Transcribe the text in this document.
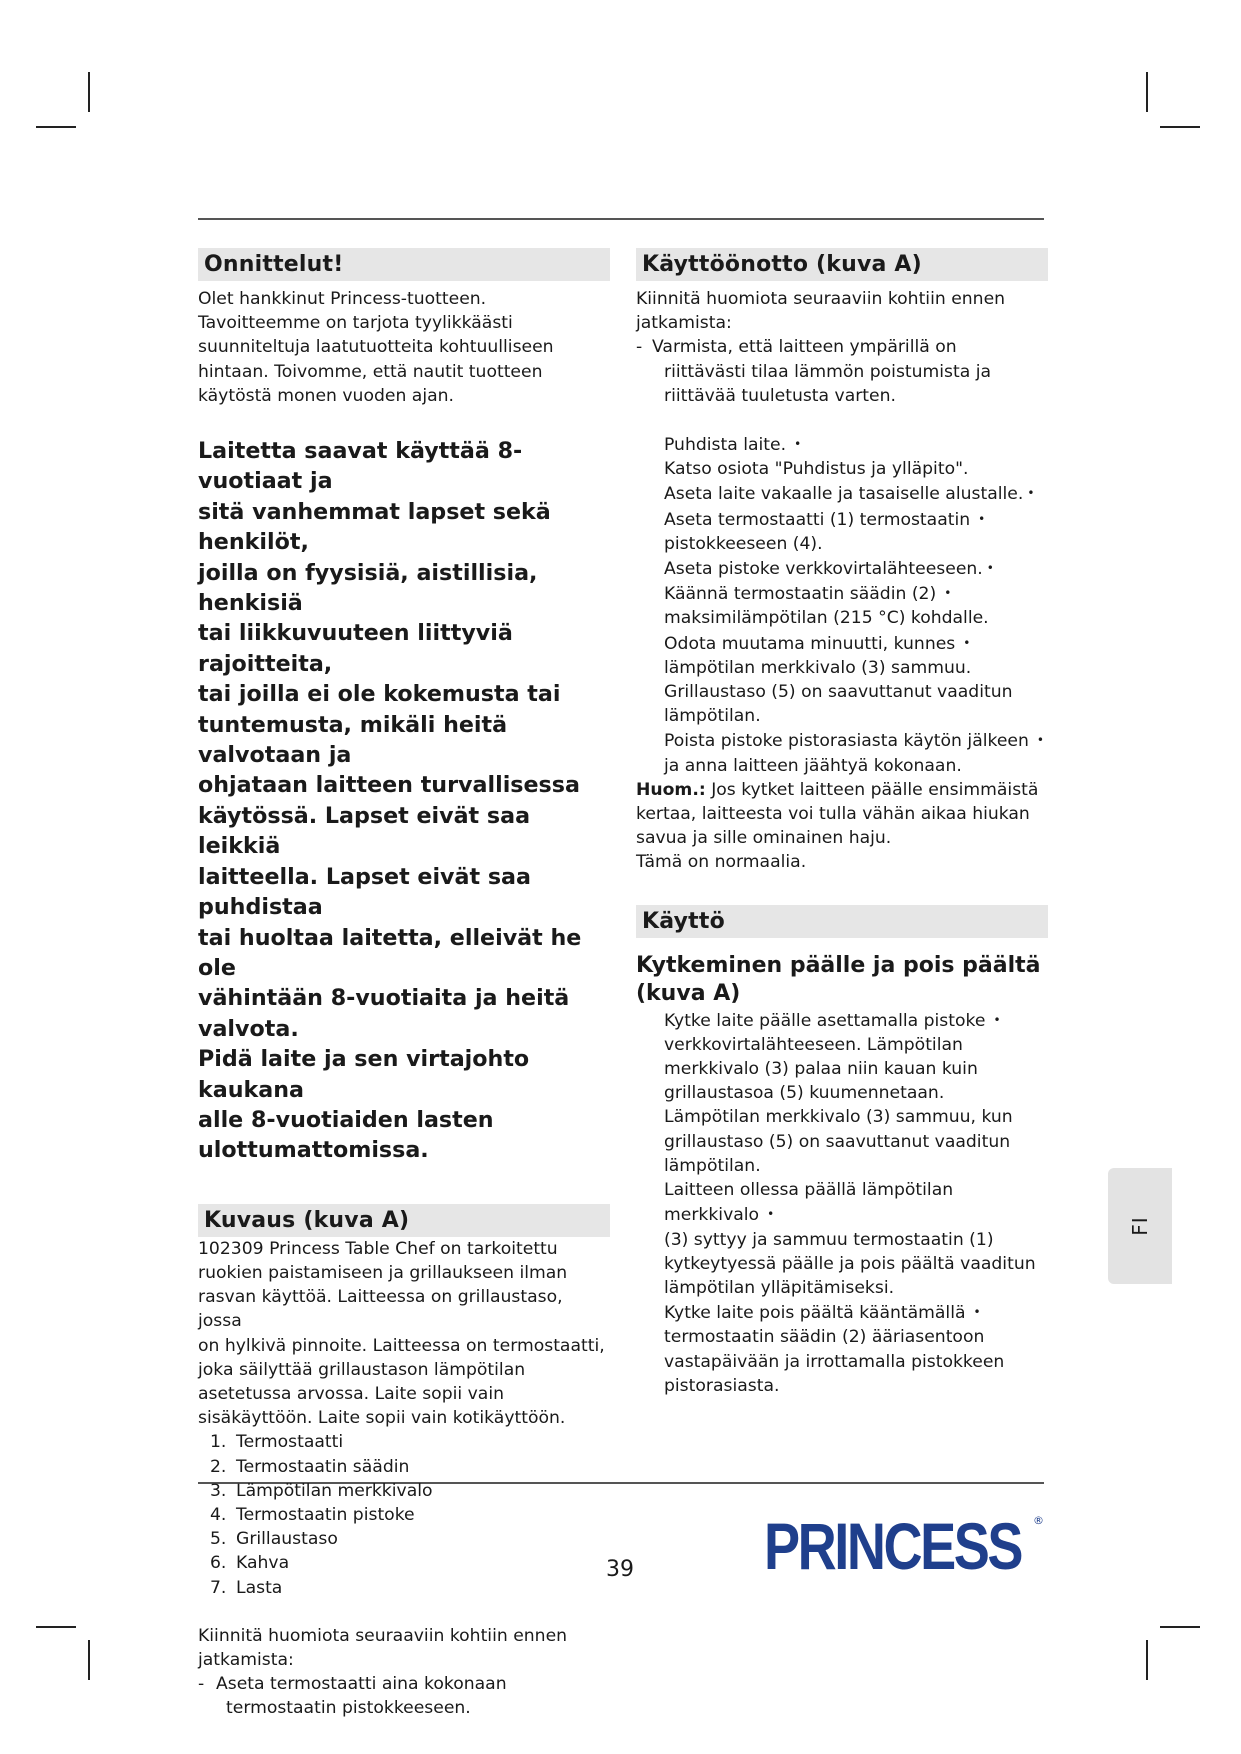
Onnittelut!

Olet hankkinut Princess-tuotteen.

Tavoitteemme on tarjota tyylikkäästi

suunniteltuja laatutuotteita kohtuulliseen

hintaan. Toivomme, että nautit tuotteen

käytöstä monen vuoden ajan.

Laitetta saavat käyttää 8-vuotiaat ja

sitä vanhemmat lapset sekä henkilöt,

joilla on fyysisiä, aistillisia, henkisiä

tai liikkuvuuteen liittyviä rajoitteita,

tai joilla ei ole kokemusta tai

tuntemusta, mikäli heitä valvotaan ja

ohjataan laitteen turvallisessa

käytössä. Lapset eivät saa leikkiä

laitteella. Lapset eivät saa puhdistaa

tai huoltaa laitetta, elleivät he ole

vähintään 8-vuotiaita ja heitä valvota.

Pidä laite ja sen virtajohto kaukana

alle 8-vuotiaiden lasten

ulottumattomissa.

Kuvaus (kuva A)

102309 Princess Table Chef on tarkoitettu

ruokien paistamiseen ja grillaukseen ilman

rasvan käyttöä. Laitteessa on grillaustaso, jossa

on hylkivä pinnoite. Laitteessa on termostaatti,

joka säilyttää grillaustason lämpötilan

asetetussa arvossa. Laite sopii vain

sisäkäyttöön. Laite sopii vain kotikäyttöön.

1. Termostaatti

2. Termostaatin säädin

3. Lämpötilan merkkivalo

4. Termostaatin pistoke

5. Grillaustaso

6. Kahva

7. Lasta

Kiinnitä huomiota seuraaviin kohtiin ennen

jatkamista:

- Aseta termostaatti aina kokonaan

termostaatin pistokkeeseen.

Käyttöönotto (kuva A)

Kiinnitä huomiota seuraaviin kohtiin ennen

jatkamista:

- Varmista, että laitteen ympärillä on

riittävästi tilaa lämmön poistumista ja

riittävää tuuletusta varten.

Puhdista laite. •

Katso osiota "Puhdistus ja ylläpito".

Aseta laite vakaalle ja tasaiselle alustalle. •

Aseta termostaatti (1) termostaatin •

pistokkeeseen (4).

Aseta pistoke verkkovirtalähteeseen. •

Käännä termostaatin säädin (2) •

maksimilämpötilan (215 °C) kohdalle.

Odota muutama minuutti, kunnes •

lämpötilan merkkivalo (3) sammuu.

Grillaustaso (5) on saavuttanut vaaditun

lämpötilan.

Poista pistoke pistorasiasta käytön jälkeen •

ja anna laitteen jäähtyä kokonaan.

Huom.: Jos kytket laitteen päälle ensimmäistä

kertaa, laitteesta voi tulla vähän aikaa hiukan

savua ja sille ominainen haju.

Tämä on normaalia.

Käyttö
Kytkeminen päälle ja pois päältä
(kuva A)

Kytke laite päälle asettamalla pistoke •

verkkovirtalähteeseen. Lämpötilan

merkkivalo (3) palaa niin kauan kuin

grillaustasoa (5) kuumennetaan.

Lämpötilan merkkivalo (3) sammuu, kun

grillaustaso (5) on saavuttanut vaaditun

lämpötilan.

Laitteen ollessa päällä lämpötilan merkkivalo •

(3) syttyy ja sammuu termostaatin (1)

kytkeytyessä päälle ja pois päältä vaaditun

lämpötilan ylläpitämiseksi.

Kytke laite pois päältä kääntämällä •

termostaatin säädin (2) ääriasentoon

vastapäivään ja irrottamalla pistokkeen

pistorasiasta.

FI
39 PRINCESS ®
